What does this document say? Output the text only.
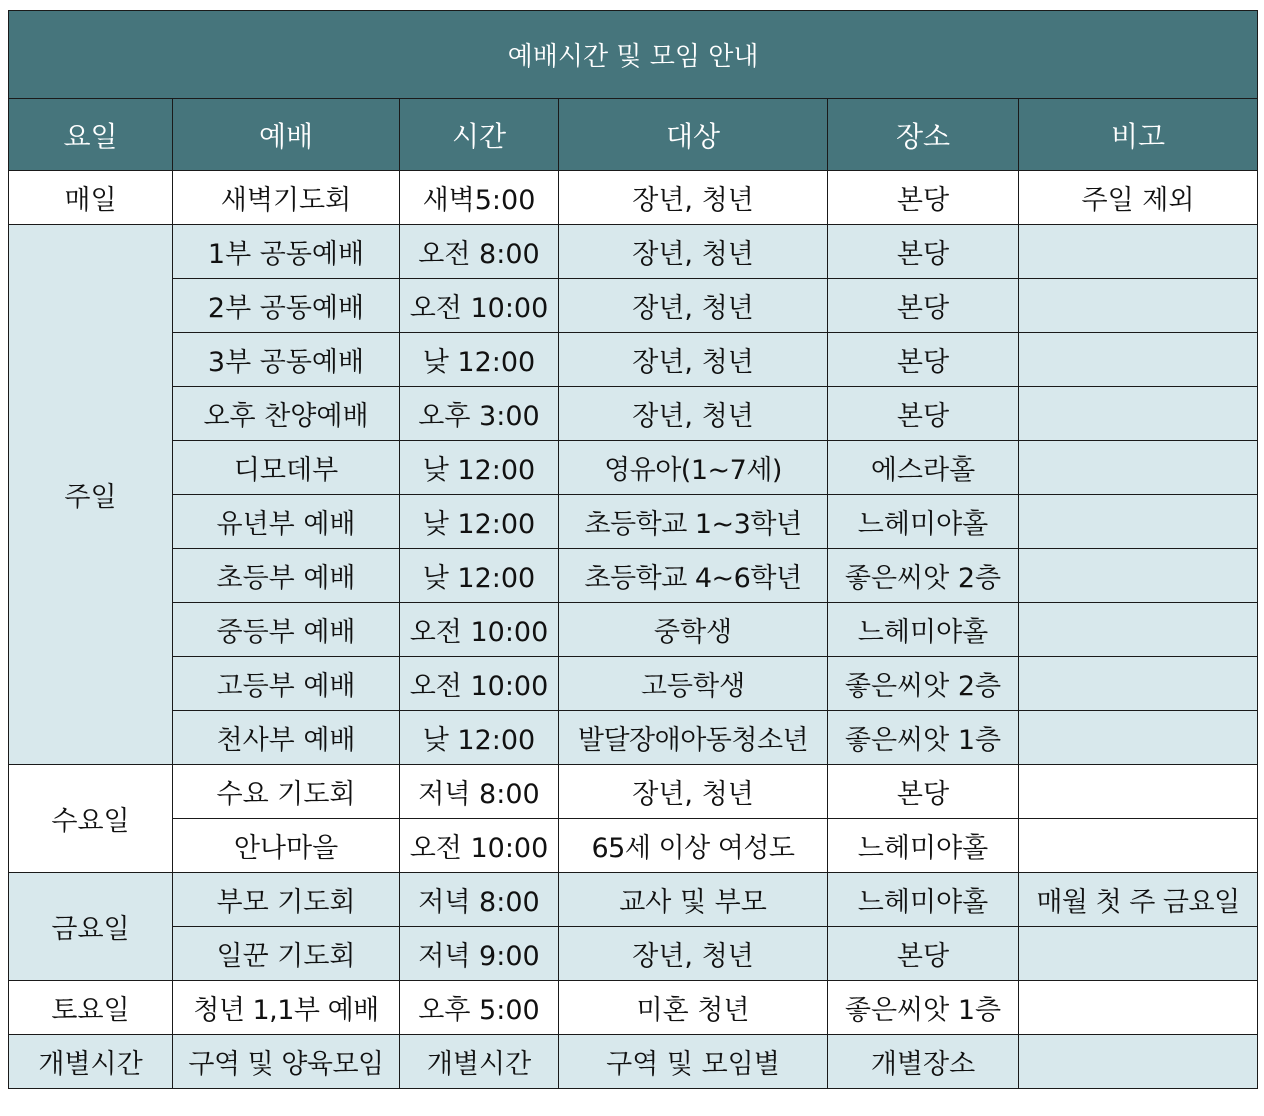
예배시간 및 모임 안내					
요일	예배	시간	대상	장소	비고
매일	새벽기도회	새벽5:00	장년, 청년	본당	주일 제외
주일	1부 공동예배	오전 8:00	장년, 청년	본당	
	2부 공동예배	오전 10:00	장년, 청년	본당	
	3부 공동예배	낮 12:00	장년, 청년	본당	
	오후 찬양예배	오후 3:00	장년, 청년	본당	
	디모데부	낮 12:00	영유아(1~7세)	에스라홀	
	유년부 예배	낮 12:00	초등학교 1~3학년	느헤미야홀	
	초등부 예배	낮 12:00	초등학교 4~6학년	좋은씨앗 2층	
	중등부 예배	오전 10:00	중학생	느헤미야홀	
	고등부 예배	오전 10:00	고등학생	좋은씨앗 2층	
	천사부 예배	낮 12:00	발달장애아동청소년	좋은씨앗 1층	
수요일	수요 기도회	저녁 8:00	장년, 청년	본당	
	안나마을	오전 10:00	65세 이상 여성도	느헤미야홀	
금요일	부모 기도회	저녁 8:00	교사 및 부모	느헤미야홀	매월 첫 주 금요일
	일꾼 기도회	저녁 9:00	장년, 청년	본당	
토요일	청년 1,1부 예배	오후 5:00	미혼 청년	좋은씨앗 1층	
개별시간	구역 및 양육모임	개별시간	구역 및 모임별	개별장소	
